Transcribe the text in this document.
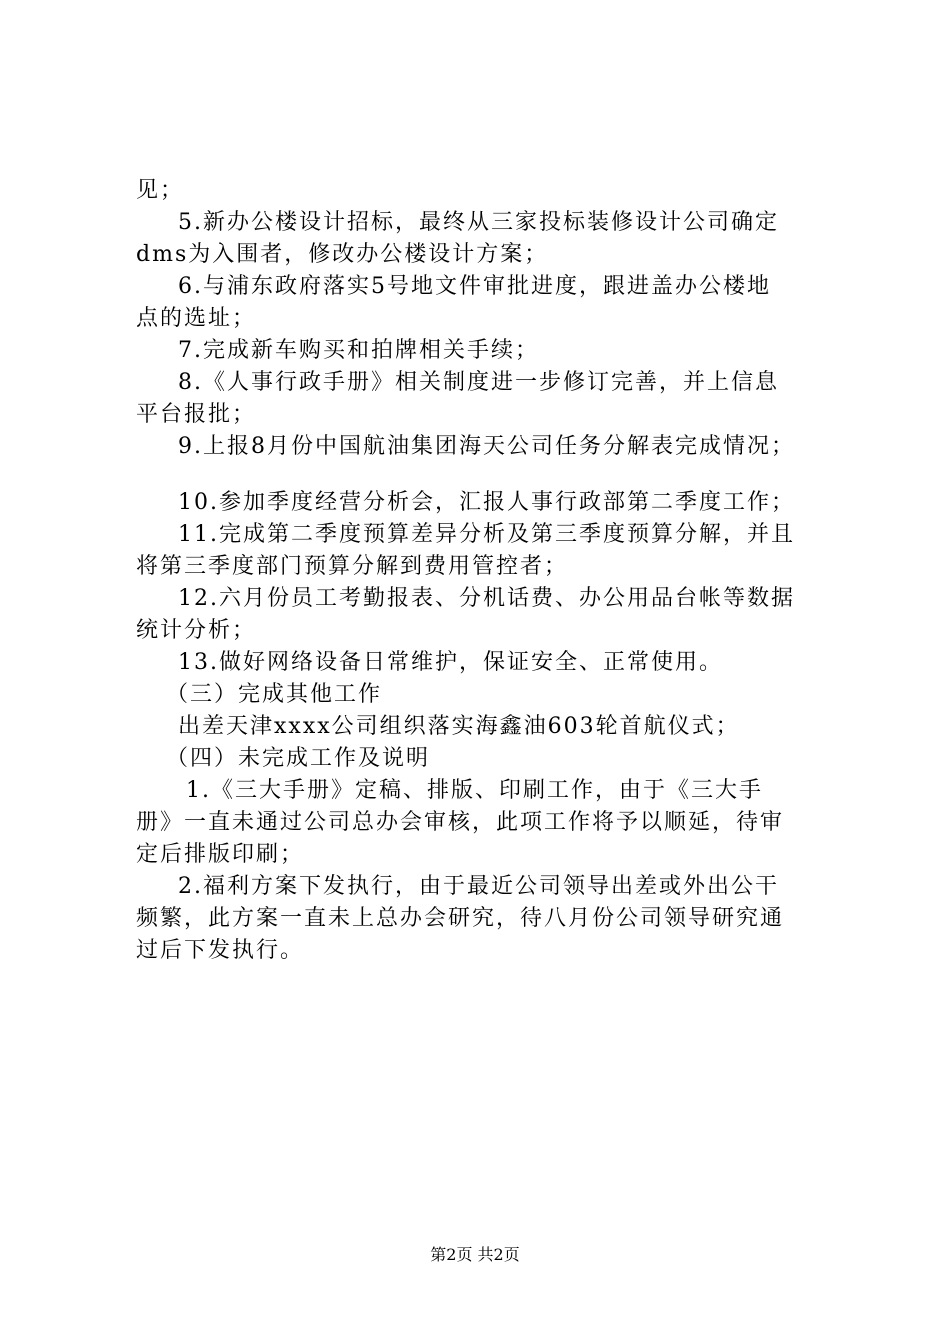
见；
5.新办公楼设计招标，最终从三家投标装修设计公司确定
dms为入围者，修改办公楼设计方案；
6.与浦东政府落实5号地文件审批进度，跟进盖办公楼地
点的选址；
7.完成新车购买和拍牌相关手续；
8.《人事行政手册》相关制度进一步修订完善，并上信息
平台报批；
9.上报8月份中国航油集团海天公司任务分解表完成情况；
10.参加季度经营分析会，汇报人事行政部第二季度工作；
11.完成第二季度预算差异分析及第三季度预算分解，并且
将第三季度部门预算分解到费用管控者；
12.六月份员工考勤报表、分机话费、办公用品台帐等数据
统计分析；
13.做好网络设备日常维护，保证安全、正常使用。
（三）完成其他工作
出差天津xxxx公司组织落实海鑫油603轮首航仪式；
（四）未完成工作及说明
1.《三大手册》定稿、排版、印刷工作，由于《三大手
册》一直未通过公司总办会审核，此项工作将予以顺延，待审
定后排版印刷；
2.福利方案下发执行，由于最近公司领导出差或外出公干
频繁，此方案一直未上总办会研究，待八月份公司领导研究通
过后下发执行。
第2页 共2页
